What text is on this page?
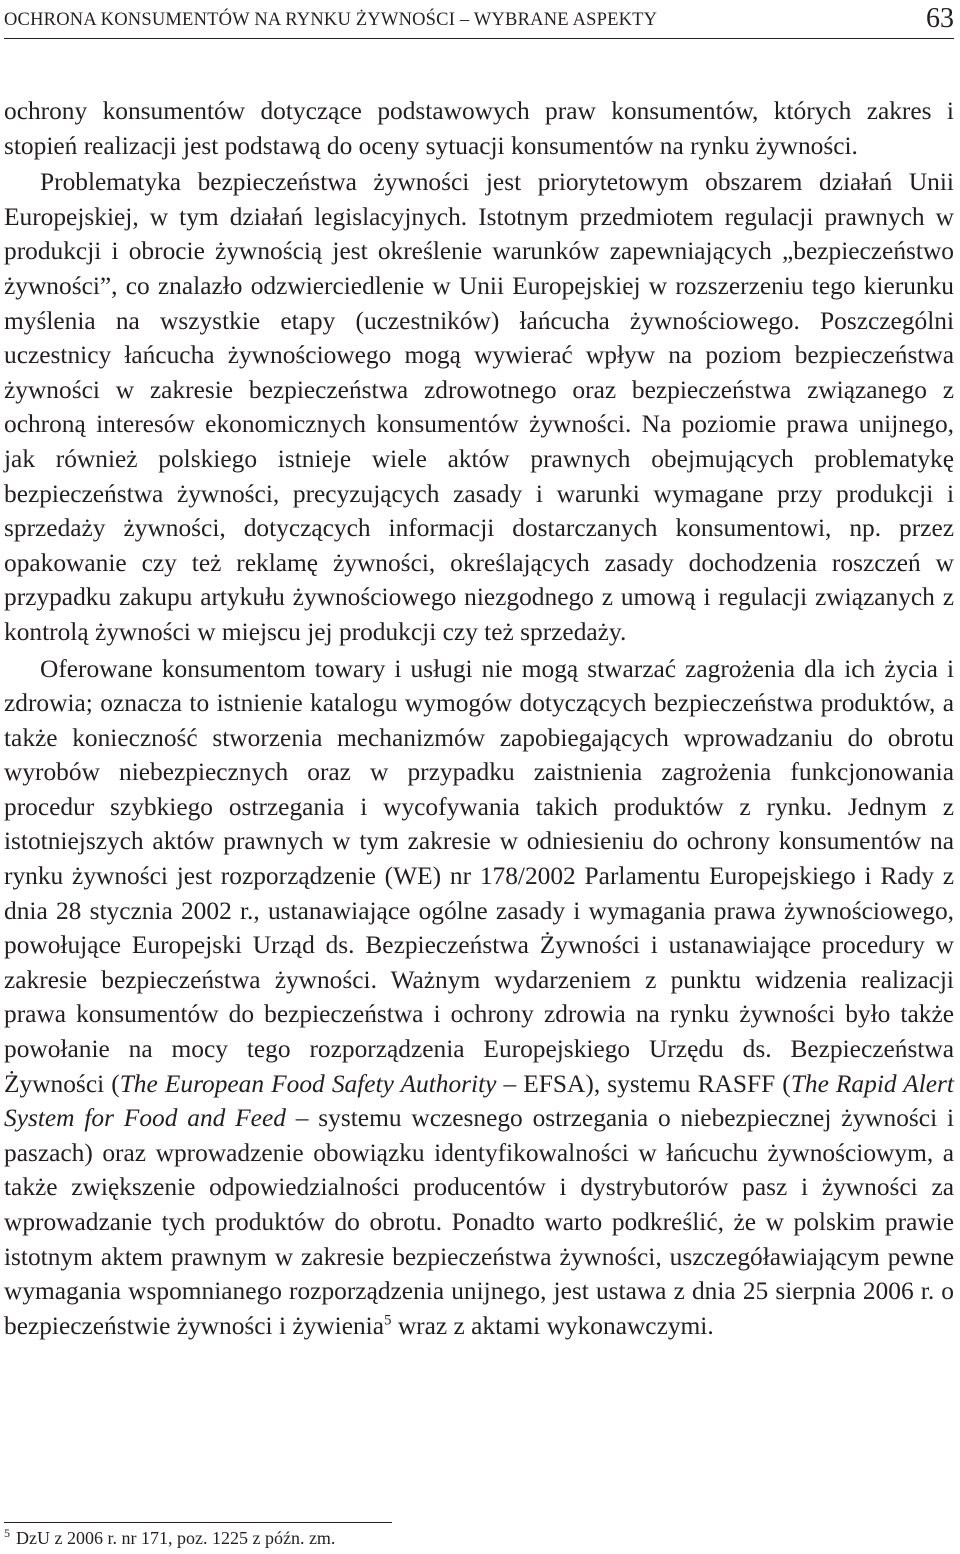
OCHRONA KONSUMENTÓW NA RYNKU ŻYWNOŚCI – WYBRANE ASPEKTY	63

ochrony konsumentów dotyczące podstawowych praw konsumentów, których zakres i stopień realizacji jest podstawą do oceny sytuacji konsumentów na rynku żywności.

Problematyka bezpieczeństwa żywności jest priorytetowym obszarem działań Unii Europejskiej, w tym działań legislacyjnych. Istotnym przedmiotem regulacji prawnych w produkcji i obrocie żywnością jest określenie warunków zapewniających „bezpieczeństwo żywności”, co znalazło odzwierciedlenie w Unii Europejskiej w rozszerzeniu tego kierunku myślenia na wszystkie etapy (uczestników) łańcucha żywnościowego. Poszczególni uczestnicy łańcucha żywnościowego mogą wywierać wpływ na poziom bezpieczeństwa żywności w zakresie bezpieczeństwa zdrowotnego oraz bezpieczeństwa związanego z ochroną interesów ekonomicznych konsumentów żywności. Na poziomie prawa unijnego, jak również polskiego istnieje wiele aktów prawnych obejmujących problematykę bezpieczeństwa żywności, precyzujących zasady i warunki wymagane przy produkcji i sprzedaży żywności, dotyczących informacji dostarczanych konsumentowi, np. przez opakowanie czy też reklamę żywności, określających zasady dochodzenia roszczeń w przypadku zakupu artykułu żywnościowego niezgodnego z umową i regulacji związanych z kontrolą żywności w miejscu jej produkcji czy też sprzedaży.

Oferowane konsumentom towary i usługi nie mogą stwarzać zagrożenia dla ich życia i zdrowia; oznacza to istnienie katalogu wymogów dotyczących bezpieczeństwa produktów, a także konieczność stworzenia mechanizmów zapobiegających wprowadzaniu do obrotu wyrobów niebezpiecznych oraz w przypadku zaistnienia zagrożenia funkcjonowania procedur szybkiego ostrzegania i wycofywania takich produktów z rynku. Jednym z istotniejszych aktów prawnych w tym zakresie w odniesieniu do ochrony konsumentów na rynku żywności jest rozporządzenie (WE) nr 178/2002 Parlamentu Europejskiego i Rady z dnia 28 stycznia 2002 r., ustanawiające ogólne zasady i wymagania prawa żywnościowego, powołujące Europejski Urząd ds. Bezpieczeństwa Żywności i ustanawiające procedury w zakresie bezpieczeństwa żywności. Ważnym wydarzeniem z punktu widzenia realizacji prawa konsumentów do bezpieczeństwa i ochrony zdrowia na rynku żywności było także powołanie na mocy tego rozporządzenia Europejskiego Urzędu ds. Bezpieczeństwa Żywności (The European Food Safety Authority – EFSA), systemu RASFF (The Rapid Alert System for Food and Feed – systemu wczesnego ostrzegania o niebezpiecznej żywności i paszach) oraz wprowadzenie obowiązku identyfikowalności w łańcuchu żywnościowym, a także zwiększenie odpowiedzialności producentów i dystrybutorów pasz i żywności za wprowadzanie tych produktów do obrotu. Ponadto warto podkreślić, że w polskim prawie istotnym aktem prawnym w zakresie bezpieczeństwa żywności, uszczegóławiającym pewne wymagania wspomnianego rozporządzenia unijnego, jest ustawa z dnia 25 sierpnia 2006 r. o bezpieczeństwie żywności i żywienia$^5$ wraz z aktami wykonawczymi.

$^5$ DzU z 2006 r. nr 171, poz. 1225 z późn. zm.
